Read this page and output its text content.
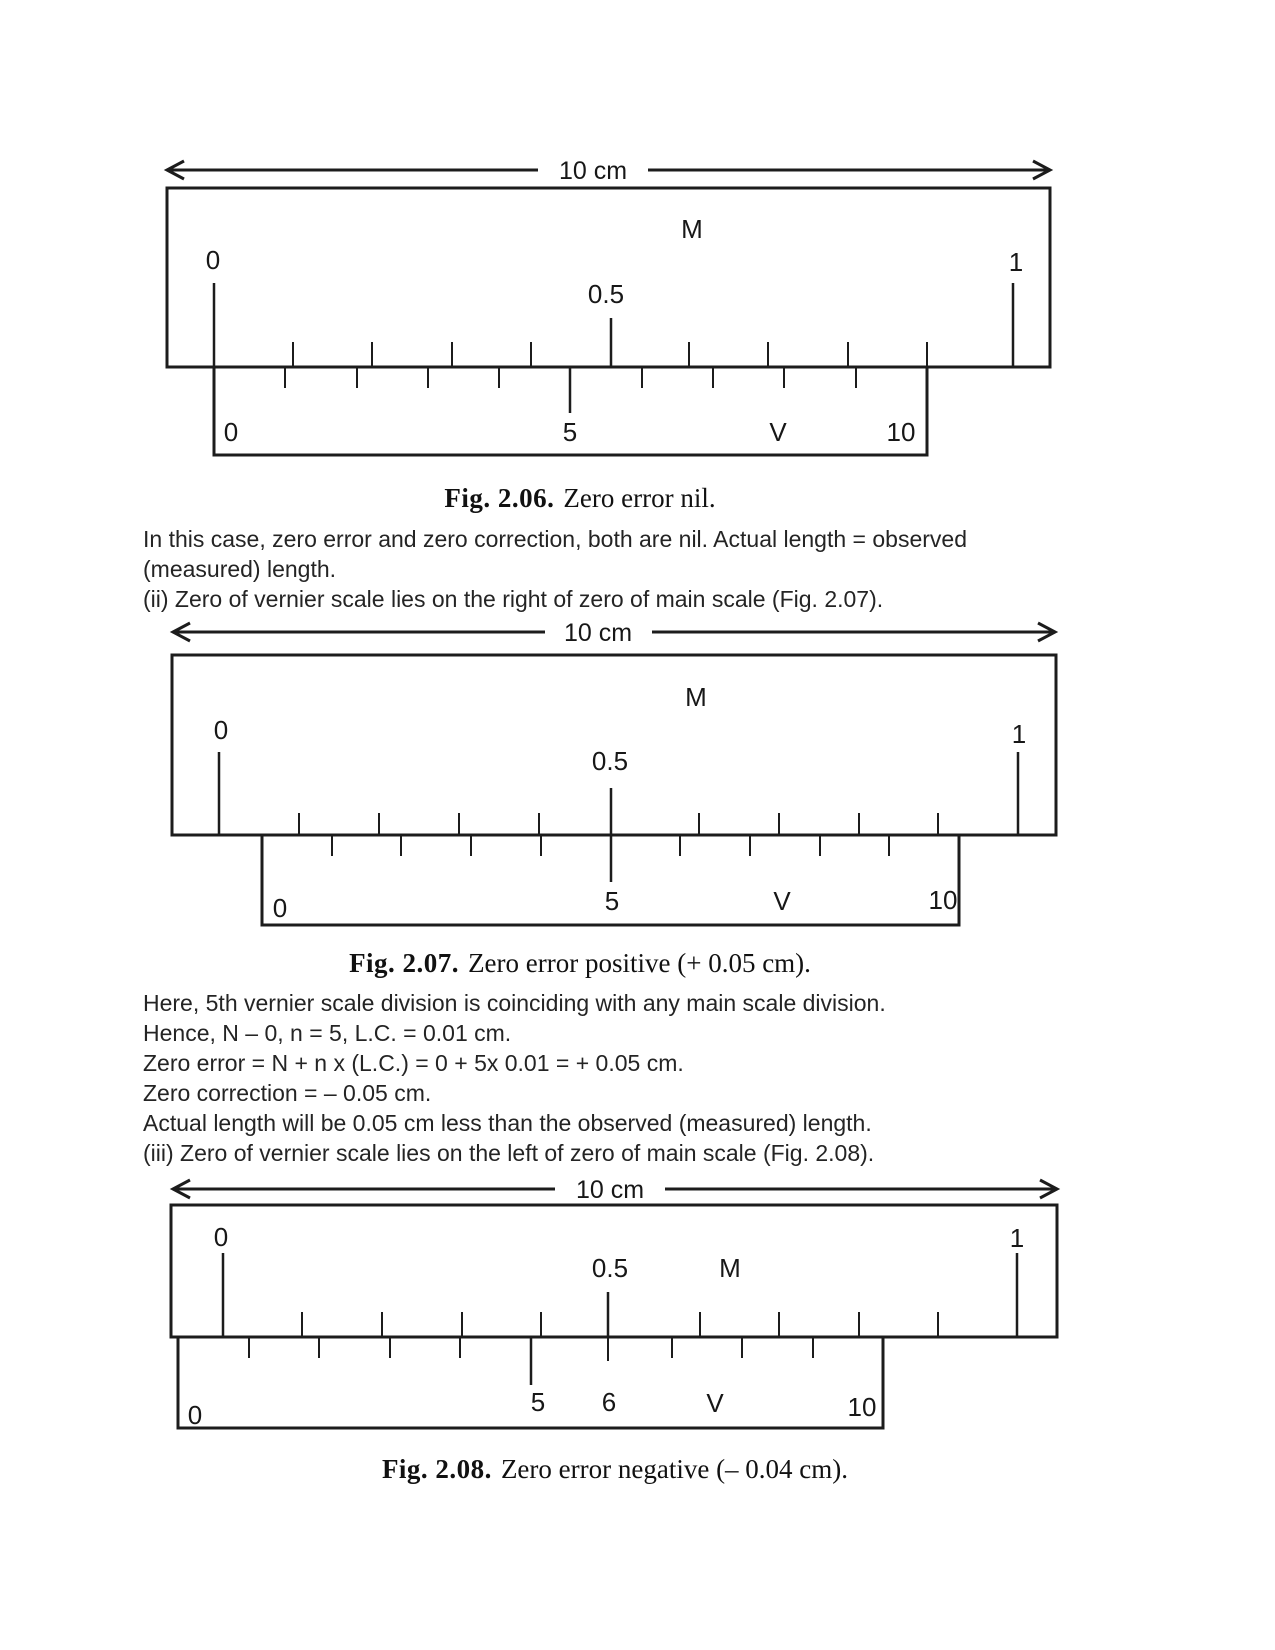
10 cm
M
0
0.5
1
0	5	V	10
Fig. 2.06. Zero error nil.
In this case, zero error and zero correction, both are nil. Actual length = observed
(measured) length.
(ii) Zero of vernier scale lies on the right of zero of main scale (Fig. 2.07).
10 cm
M
0
0.5
1
0	5	V	10
Fig. 2.07. Zero error positive (+ 0.05 cm).
Here, 5th vernier scale division is coinciding with any main scale division.
Hence, N – 0, n = 5, L.C. = 0.01 cm.
Zero error = N + n x (L.C.) = 0 + 5x 0.01 = + 0.05 cm.
Zero correction = – 0.05 cm.
Actual length will be 0.05 cm less than the observed (measured) length.
(iii) Zero of vernier scale lies on the left of zero of main scale (Fig. 2.08).
10 cm
0
0.5	M
1
0	5 6	V	10
Fig. 2.08. Zero error negative (– 0.04 cm).
